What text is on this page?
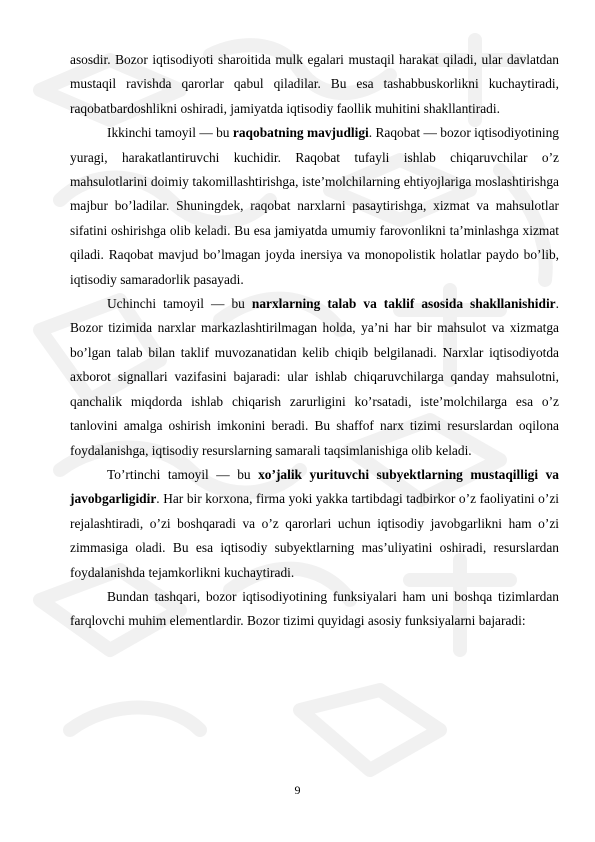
asosdir. Bozor iqtisodiyoti sharoitida mulk egalari mustaqil harakat qiladi, ular davlatdan mustaqil ravishda qarorlar qabul qiladilar. Bu esa tashabbuskorlikni kuchaytiradi, raqobatbardoshlikni oshiradi, jamiyatda iqtisodiy faollik muhitini shakllantiradi.

Ikkinchi tamoyil — bu raqobatning mavjudligi. Raqobat — bozor iqtisodiyotining yuragi, harakatlantiruvchi kuchidir. Raqobat tufayli ishlab chiqaruvchilar o’z mahsulotlarini doimiy takomillashtirishga, iste’molchilarning ehtiyojlariga moslashtirishga majbur bo’ladilar. Shuningdek, raqobat narxlarni pasaytirishga, xizmat va mahsulotlar sifatini oshirishga olib keladi. Bu esa jamiyatda umumiy farovonlikni ta’minlashga xizmat qiladi. Raqobat mavjud bo’lmagan joyda inersiya va monopolistik holatlar paydo bo’lib, iqtisodiy samaradorlik pasayadi.

Uchinchi tamoyil — bu narxlarning talab va taklif asosida shakllanishidir. Bozor tizimida narxlar markazlashtirilmagan holda, ya’ni har bir mahsulot va xizmatga bo’lgan talab bilan taklif muvozanatidan kelib chiqib belgilanadi. Narxlar iqtisodiyotda axborot signallari vazifasini bajaradi: ular ishlab chiqaruvchilarga qanday mahsulotni, qanchalik miqdorda ishlab chiqarish zarurligini ko’rsatadi, iste’molchilarga esa o’z tanlovini amalga oshirish imkonini beradi. Bu shaffof narx tizimi resurslardan oqilona foydalanishga, iqtisodiy resurslarning samarali taqsimlanishiga olib keladi.

To’rtinchi tamoyil — bu xo’jalik yurituvchi subyektlarning mustaqilligi va javobgarligidir. Har bir korxona, firma yoki yakka tartibdagi tadbirkor o’z faoliyatini o’zi rejalashtiradi, o’zi boshqaradi va o’z qarorlari uchun iqtisodiy javobgarlikni ham o’zi zimmasiga oladi. Bu esa iqtisodiy subyektlarning mas’uliyatini oshiradi, resurslardan foydalanishda tejamkorlikni kuchaytiradi.

Bundan tashqari, bozor iqtisodiyotining funksiyalari ham uni boshqa tizimlardan farqlovchi muhim elementlardir. Bozor tizimi quyidagi asosiy funksiyalarni bajaradi:

9
